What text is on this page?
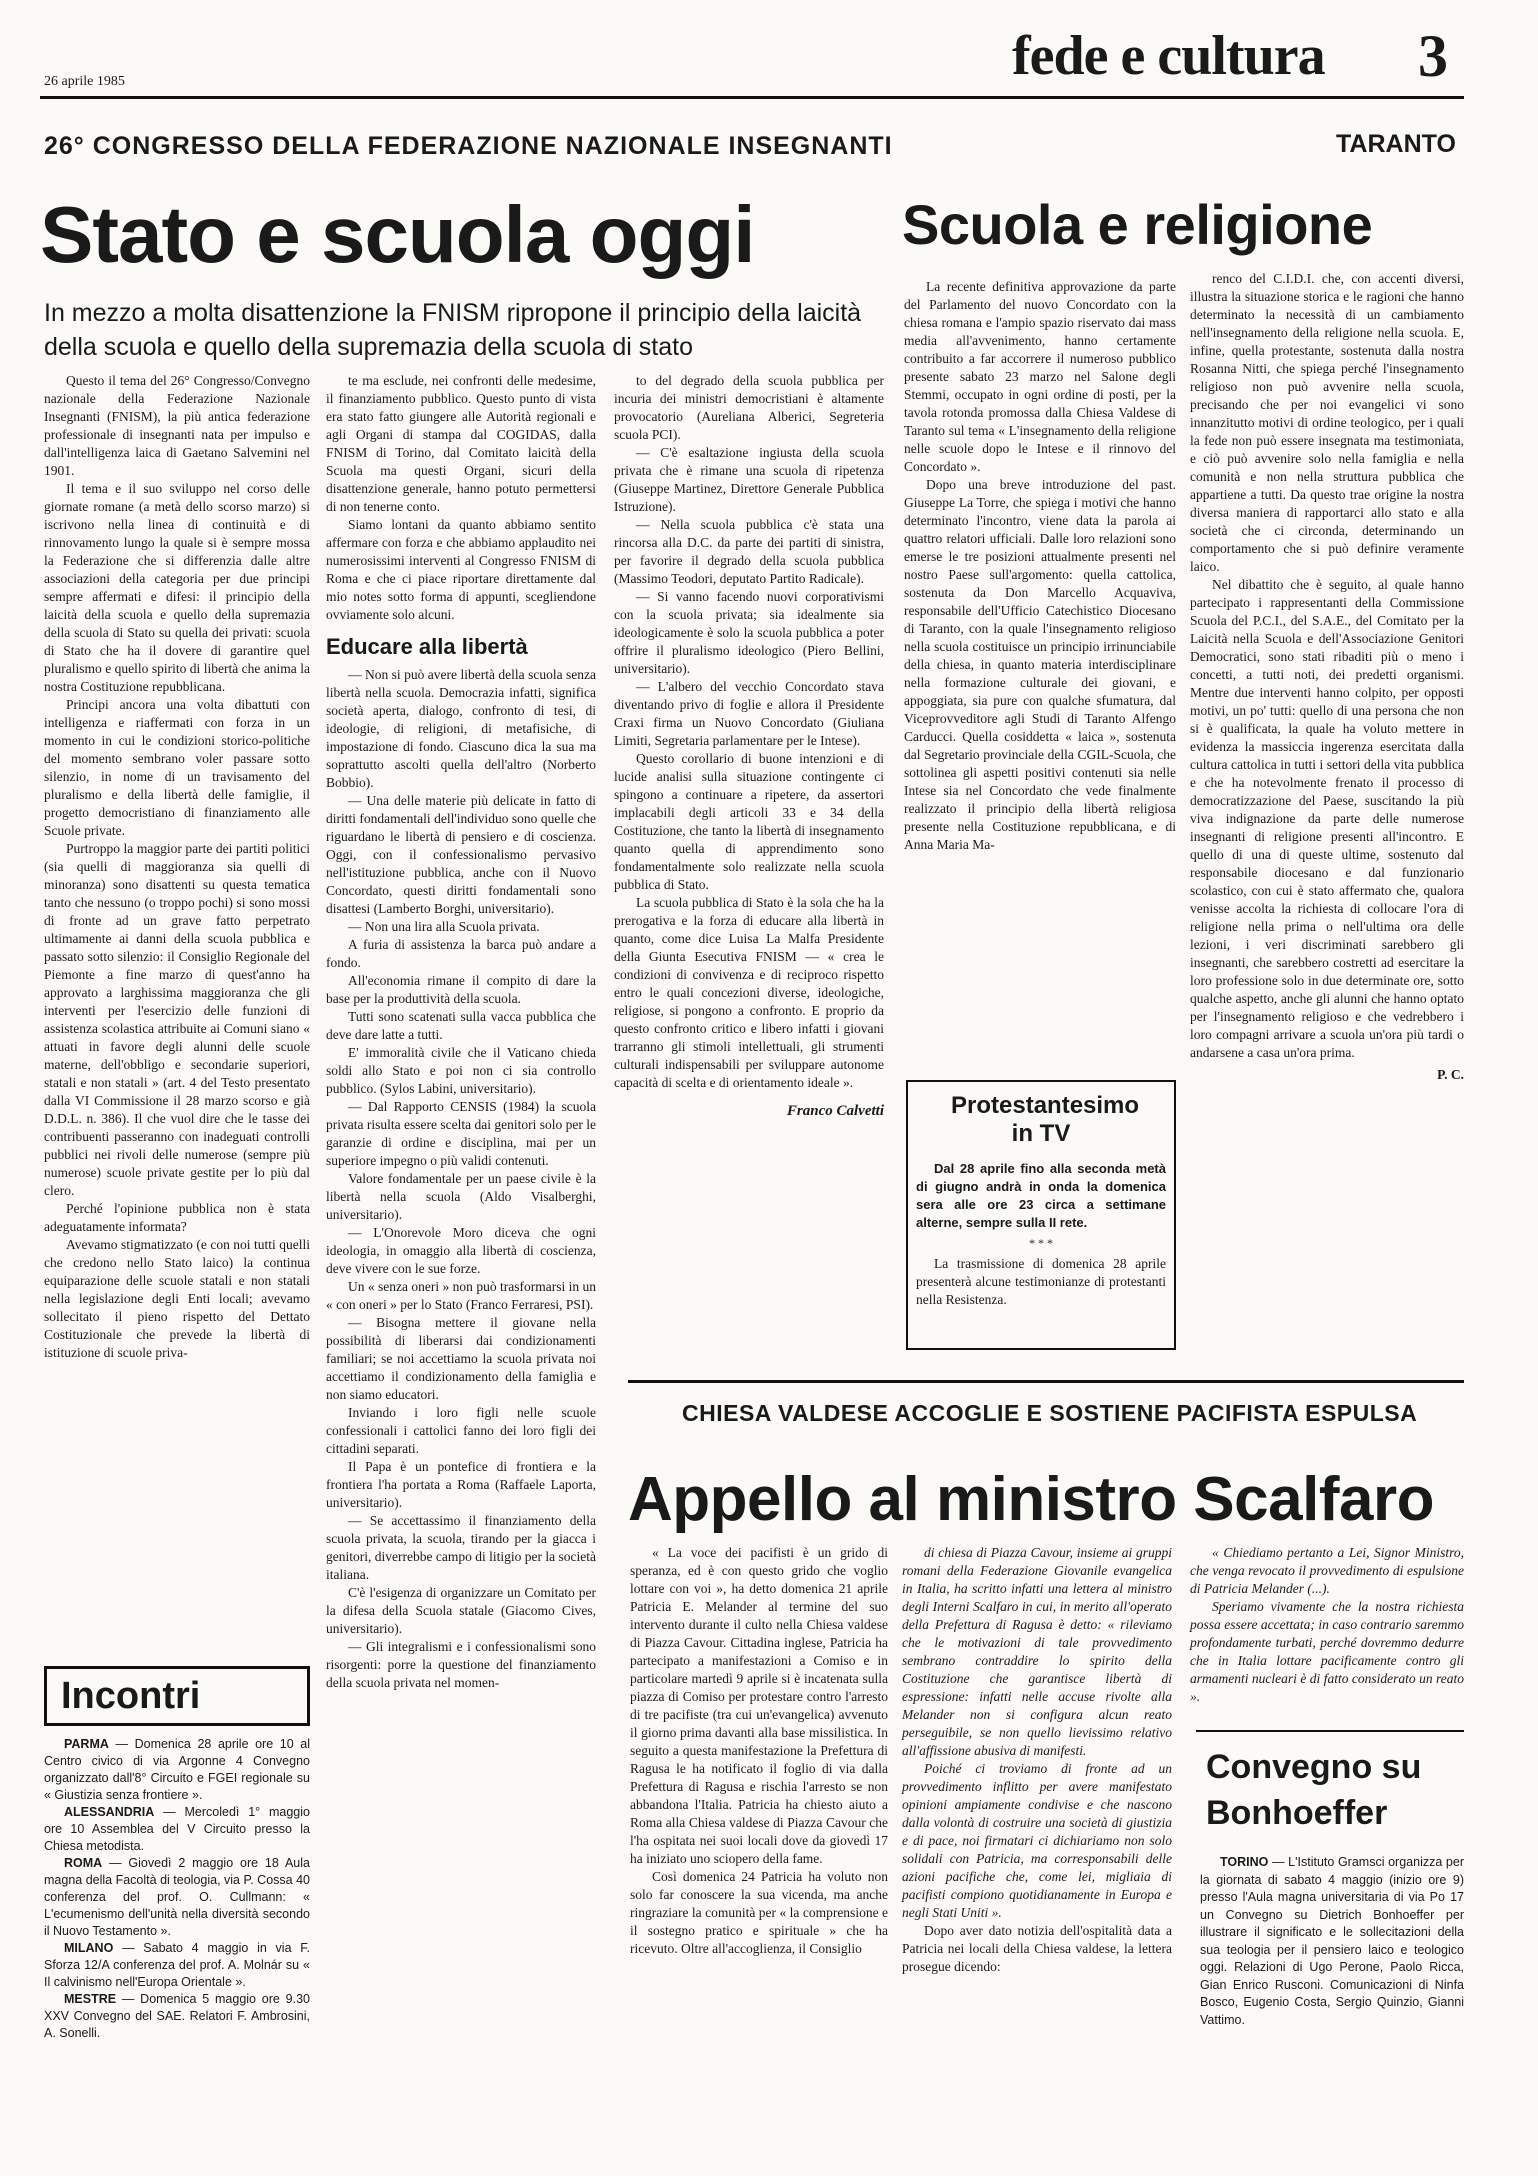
26 aprile 1985	fede e cultura 3
26° CONGRESSO DELLA FEDERAZIONE NAZIONALE INSEGNANTI
Stato e scuola oggi
In mezzo a molta disattenzione la FNISM ripropone il principio della laicità della scuola e quello della supremazia della scuola di stato

Questo il tema del 26° Congresso/Convegno nazionale della Federazione Nazionale Insegnanti (FNISM), la più antica federazione professionale di insegnanti nata per impulso e dall'intelligenza laica di Gaetano Salvemini nel 1901.

Il tema e il suo sviluppo nel corso delle giornate romane (a metà dello scorso marzo) si iscrivono nella linea di continuità e di rinnovamento lungo la quale si è sempre mossa la Federazione che si differenzia dalle altre associazioni della categoria per due principi sempre affermati e difesi: il principio della laicità della scuola e quello della supremazia della scuola di Stato su quella dei privati: scuola di Stato che ha il dovere di garantire quel pluralismo e quello spirito di libertà che anima la nostra Costituzione repubblicana.

Principi ancora una volta dibattuti con intelligenza e riaffermati con forza in un momento in cui le condizioni storico-politiche del momento sembrano voler passare sotto silenzio, in nome di un travisamento del pluralismo e della libertà delle famiglie, il progetto democristiano di finanziamento alle Scuole private.

Purtroppo la maggior parte dei partiti politici (sia quelli di maggioranza sia quelli di minoranza) sono disattenti su questa tematica tanto che nessuno (o troppo pochi) si sono mossi di fronte ad un grave fatto perpetrato ultimamente ai danni della scuola pubblica e passato sotto silenzio: il Consiglio Regionale del Piemonte a fine marzo di quest'anno ha approvato a larghissima maggioranza che gli interventi per l'esercizio delle funzioni di assistenza scolastica attribuite ai Comuni siano « attuati in favore degli alunni delle scuole materne, dell'obbligo e secondarie superiori, statali e non statali » (art. 4 del Testo presentato dalla VI Commissione il 28 marzo scorso e già D.D.L. n. 386). Il che vuol dire che le tasse dei contribuenti passeranno con inadeguati controlli pubblici nei rivoli delle numerose (sempre più numerose) scuole private gestite per lo più dal clero.

Perché l'opinione pubblica non è stata adeguatamente informata?

Avevamo stigmatizzato (e con noi tutti quelli che credono nello Stato laico) la continua equiparazione delle scuole statali e non statali nella legislazione degli Enti locali; avevamo sollecitato il pieno rispetto del Dettato Costituzionale che prevede la libertà di istituzione di scuole priva-

te ma esclude, nei confronti delle medesime, il finanziamento pubblico. Questo punto di vista era stato fatto giungere alle Autorità regionali e agli Organi di stampa dal COGIDAS, dalla FNISM di Torino, dal Comitato laicità della Scuola ma questi Organi, sicuri della disattenzione generale, hanno potuto permettersi di non tenerne conto.

Siamo lontani da quanto abbiamo sentito affermare con forza e che abbiamo applaudito nei numerosissimi interventi al Congresso FNISM di Roma e che ci piace riportare direttamente dal mio notes sotto forma di appunti, scegliendone ovviamente solo alcuni.

Educare alla libertà

— Non si può avere libertà della scuola senza libertà nella scuola. Democrazia infatti, significa società aperta, dialogo, confronto di tesi, di ideologie, di religioni, di metafisiche, di impostazione di fondo. Ciascuno dica la sua ma soprattutto ascolti quella dell'altro (Norberto Bobbio).

— Una delle materie più delicate in fatto di diritti fondamentali dell'individuo sono quelle che riguardano le libertà di pensiero e di coscienza. Oggi, con il confessionalismo pervasivo nell'istituzione pubblica, anche con il Nuovo Concordato, questi diritti fondamentali sono disattesi (Lamberto Borghi, universitario).

— Non una lira alla Scuola privata.

A furia di assistenza la barca può andare a fondo.

All'economia rimane il compito di dare la base per la produttività della scuola.

Tutti sono scatenati sulla vacca pubblica che deve dare latte a tutti.

E' immoralità civile che il Vaticano chieda soldi allo Stato e poi non ci sia controllo pubblico. (Sylos Labini, universitario).

— Dal Rapporto CENSIS (1984) la scuola privata risulta essere scelta dai genitori solo per le garanzie di ordine e disciplina, mai per un superiore impegno o più validi contenuti.

Valore fondamentale per un paese civile è la libertà nella scuola (Aldo Visalberghi, universitario).

— L'Onorevole Moro diceva che ogni ideologia, in omaggio alla libertà di coscienza, deve vivere con le sue forze.

Un « senza oneri » non può trasformarsi in un « con oneri » per lo Stato (Franco Ferraresi, PSI).

— Bisogna mettere il giovane nella possibilità di liberarsi dai condizionamenti familiari; se noi accettiamo la scuola privata noi accettiamo il condizionamento della famiglia e non siamo educatori.

Inviando i loro figli nelle scuole confessionali i cattolici fanno dei loro figli dei cittadini separati.

Il Papa è un pontefice di frontiera e la frontiera l'ha portata a Roma (Raffaele Laporta, universitario).

— Se accettassimo il finanziamento della scuola privata, la scuola, tirando per la giacca i genitori, diverrebbe campo di litigio per la società italiana.

C'è l'esigenza di organizzare un Comitato per la difesa della Scuola statale (Giacomo Cives, universitario).

— Gli integralismi e i confessionalismi sono risorgenti: porre la questione del finanziamento della scuola privata nel momen-

to del degrado della scuola pubblica per incuria dei ministri democristiani è altamente provocatorio (Aureliana Alberici, Segreteria scuola PCI).

— C'è esaltazione ingiusta della scuola privata che è rimane una scuola di ripetenza (Giuseppe Martinez, Direttore Generale Pubblica Istruzione).

— Nella scuola pubblica c'è stata una rincorsa alla D.C. da parte dei partiti di sinistra, per favorire il degrado della scuola pubblica (Massimo Teodori, deputato Partito Radicale).

— Si vanno facendo nuovi corporativismi con la scuola privata; sia idealmente sia ideologicamente è solo la scuola pubblica a poter offrire il pluralismo ideologico (Piero Bellini, universitario).

— L'albero del vecchio Concordato stava diventando privo di foglie e allora il Presidente Craxi firma un Nuovo Concordato (Giuliana Limiti, Segretaria parlamentare per le Intese).

Questo corollario di buone intenzioni e di lucide analisi sulla situazione contingente ci spingono a continuare a ripetere, da assertori implacabili degli articoli 33 e 34 della Costituzione, che tanto la libertà di insegnamento quanto quella di apprendimento sono fondamentalmente solo realizzate nella scuola pubblica di Stato.

La scuola pubblica di Stato è la sola che ha la prerogativa e la forza di educare alla libertà in quanto, come dice Luisa La Malfa Presidente della Giunta Esecutiva FNISM — « crea le condizioni di convivenza e di reciproco rispetto entro le quali concezioni diverse, ideologiche, religiose, si pongono a confronto. E proprio da questo confronto critico e libero infatti i giovani trarranno gli stimoli intellettuali, gli strumenti culturali indispensabili per sviluppare autonome capacità di scelta e di orientamento ideale ».

Franco Calvetti
Incontri

PARMA — Domenica 28 aprile ore 10 al Centro civico di via Argonne 4 Convegno organizzato dall'8° Circuito e FGEI regionale su « Giustizia senza frontiere ».

ALESSANDRIA — Mercoledì 1° maggio ore 10 Assemblea del V Circuito presso la Chiesa metodista.

ROMA — Giovedì 2 maggio ore 18 Aula magna della Facoltà di teologia, via P. Cossa 40 conferenza del prof. O. Cullmann: « L'ecumenismo dell'unità nella diversità secondo il Nuovo Testamento ».

MILANO — Sabato 4 maggio in via F. Sforza 12/A conferenza del prof. A. Molnár su « Il calvinismo nell'Europa Orientale ».

MESTRE — Domenica 5 maggio ore 9.30 XXV Convegno del SAE. Relatori F. Ambrosini, A. Sonelli.

TARANTO
Scuola e religione

La recente definitiva approvazione da parte del Parlamento del nuovo Concordato con la chiesa romana e l'ampio spazio riservato dai mass media all'avvenimento, hanno certamente contribuito a far accorrere il numeroso pubblico presente sabato 23 marzo nel Salone degli Stemmi, occupato in ogni ordine di posti, per la tavola rotonda promossa dalla Chiesa Valdese di Taranto sul tema « L'insegnamento della religione nelle scuole dopo le Intese e il rinnovo del Concordato ».

Dopo una breve introduzione del past. Giuseppe La Torre, che spiega i motivi che hanno determinato l'incontro, viene data la parola ai quattro relatori ufficiali. Dalle loro relazioni sono emerse le tre posizioni attualmente presenti nel nostro Paese sull'argomento: quella cattolica, sostenuta da Don Marcello Acquaviva, responsabile dell'Ufficio Catechistico Diocesano di Taranto, con la quale l'insegnamento religioso nella scuola costituisce un principio irrinunciabile della chiesa, in quanto materia interdisciplinare nella formazione culturale dei giovani, e appoggiata, sia pure con qualche sfumatura, dal Viceprovveditore agli Studi di Taranto Alfengo Carducci. Quella cosiddetta « laica », sostenuta dal Segretario provinciale della CGIL-Scuola, che sottolinea gli aspetti positivi contenuti sia nelle Intese sia nel Concordato che vede finalmente realizzato il principio della libertà religiosa presente nella Costituzione repubblicana, e di Anna Maria Ma-

renco del C.I.D.I. che, con accenti diversi, illustra la situazione storica e le ragioni che hanno determinato la necessità di un cambiamento nell'insegnamento della religione nella scuola. E, infine, quella protestante, sostenuta dalla nostra Rosanna Nitti, che spiega perché l'insegnamento religioso non può avvenire nella scuola, precisando che per noi evangelici vi sono innanzitutto motivi di ordine teologico, per i quali la fede non può essere insegnata ma testimoniata, e ciò può avvenire solo nella famiglia e nella comunità e non nella struttura pubblica che appartiene a tutti. Da questo trae origine la nostra diversa maniera di rapportarci allo stato e alla società che ci circonda, determinando un comportamento che si può definire veramente laico.

Nel dibattito che è seguito, al quale hanno partecipato i rappresentanti della Commissione Scuola del P.C.I., del S.A.E., del Comitato per la Laicità nella Scuola e dell'Associazione Genitori Democratici, sono stati ribaditi più o meno i concetti, a tutti noti, dei predetti organismi. Mentre due interventi hanno colpito, per opposti motivi, un po' tutti: quello di una persona che non si è qualificata, la quale ha voluto mettere in evidenza la massiccia ingerenza esercitata dalla cultura cattolica in tutti i settori della vita pubblica e che ha notevolmente frenato il processo di democratizzazione del Paese, suscitando la più viva indignazione da parte delle numerose insegnanti di religione presenti all'incontro. E quello di una di queste ultime, sostenuto dal responsabile diocesano e dal funzionario scolastico, con cui è stato affermato che, qualora venisse accolta la richiesta di collocare l'ora di religione nella prima o nell'ultima ora delle lezioni, i veri discriminati sarebbero gli insegnanti, che sarebbero costretti ad esercitare la loro professione solo in due determinate ore, sotto qualche aspetto, anche gli alunni che hanno optato per l'insegnamento religioso e che vedrebbero i loro compagni arrivare a scuola un'ora più tardi o andarsene a casa un'ora prima.

P. C.
Protestantesimo in TV
Dal 28 aprile fino alla seconda metà di giugno andrà in onda la domenica sera alle ore 23 circa a settimane alterne, sempre sulla II rete.
* * *
La trasmissione di domenica 28 aprile presenterà alcune testimonianze di protestanti nella Resistenza.
CHIESA VALDESE ACCOGLIE E SOSTIENE PACIFISTA ESPULSA
Appello al ministro Scalfaro

« La voce dei pacifisti è un grido di speranza, ed è con questo grido che voglio lottare con voi », ha detto domenica 21 aprile Patricia E. Melander al termine del suo intervento durante il culto nella Chiesa valdese di Piazza Cavour. Cittadina inglese, Patricia ha partecipato a manifestazioni a Comiso e in particolare martedì 9 aprile si è incatenata sulla piazza di Comiso per protestare contro l'arresto di tre pacifiste (tra cui un'evangelica) avvenuto il giorno prima davanti alla base missilistica. In seguito a questa manifestazione la Prefettura di Ragusa le ha notificato il foglio di via dalla Prefettura di Ragusa e rischia l'arresto se non abbandona l'Italia. Patricia ha chiesto aiuto a Roma alla Chiesa valdese di Piazza Cavour che l'ha ospitata nei suoi locali dove da giovedì 17 ha iniziato uno sciopero della fame.

Così domenica 24 Patricia ha voluto non solo far conoscere la sua vicenda, ma anche ringraziare la comunità per « la comprensione e il sostegno pratico e spirituale » che ha ricevuto. Oltre all'accoglienza, il Consiglio

di chiesa di Piazza Cavour, insieme ai gruppi romani della Federazione Giovanile evangelica in Italia, ha scritto infatti una lettera al ministro degli Interni Scalfaro in cui, in merito all'operato della Prefettura di Ragusa è detto: « rileviamo che le motivazioni di tale provvedimento sembrano contraddire lo spirito della Costituzione che garantisce libertà di espressione: infatti nelle accuse rivolte alla Melander non si configura alcun reato perseguibile, se non quello lievissimo relativo all'affissione abusiva di manifesti.

Poiché ci troviamo di fronte ad un provvedimento inflitto per avere manifestato opinioni ampiamente condivise e che nascono dalla volontà di costruire una società di giustizia e di pace, noi firmatari ci dichiariamo non solo solidali con Patricia, ma corresponsabili delle azioni pacifiche che, come lei, migliaia di pacifisti compiono quotidianamente in Europa e negli Stati Uniti ».

Dopo aver dato notizia dell'ospitalità data a Patricia nei locali della Chiesa valdese, la lettera prosegue dicendo:

« Chiediamo pertanto a Lei, Signor Ministro, che venga revocato il provvedimento di espulsione di Patricia Melander (...).

Speriamo vivamente che la nostra richiesta possa essere accettata; in caso contrario saremmo profondamente turbati, perché dovremmo dedurre che in Italia lottare pacificamente contro gli armamenti nucleari è di fatto considerato un reato ».

Convegno su Bonhoeffer

TORINO — L'Istituto Gramsci organizza per la giornata di sabato 4 maggio (inizio ore 9) presso l'Aula magna universitaria di via Po 17 un Convegno su Dietrich Bonhoeffer per illustrare il significato e le sollecitazioni della sua teologia per il pensiero laico e teologico oggi. Relazioni di Ugo Perone, Paolo Ricca, Gian Enrico Rusconi. Comunicazioni di Ninfa Bosco, Eugenio Costa, Sergio Quinzio, Gianni Vattimo.
